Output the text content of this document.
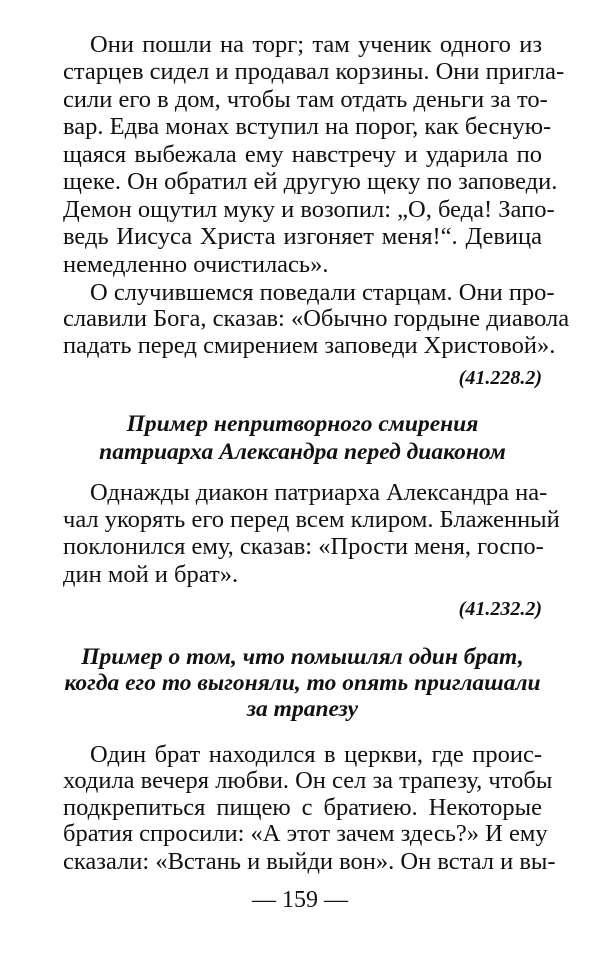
Они пошли на торг; там ученик одного из
старцев сидел и продавал корзины. Они пригла-
сили его в дом, чтобы там отдать деньги за то-
вар. Едва монах вступил на порог, как бесную-
щаяся выбежала ему навстречу и ударила по
щеке. Он обратил ей другую щеку по заповеди.
Демон ощутил муку и возопил: „О, беда! Запо-
ведь Иисуса Христа изгоняет меня!“. Девица
немедленно очистилась».
О случившемся поведали старцам. Они про-
славили Бога, сказав: «Обычно гордыне диавола
падать перед смирением заповеди Христовой».
(41.228.2)
Пример непритворного смирения
патриарха Александра перед диаконом
Однажды диакон патриарха Александра на-
чал укорять его перед всем клиром. Блаженный
поклонился ему, сказав: «Прости меня, госпо-
дин мой и брат».
(41.232.2)
Пример о том, что помышлял один брат,
когда его то выгоняли, то опять приглашали
за трапезу
Один брат находился в церкви, где проис-
ходила вечеря любви. Он сел за трапезу, чтобы
подкрепиться пищею с братиею. Некоторые
братия спросили: «А этот зачем здесь?» И ему
сказали: «Встань и выйди вон». Он встал и вы-
— 159 —
